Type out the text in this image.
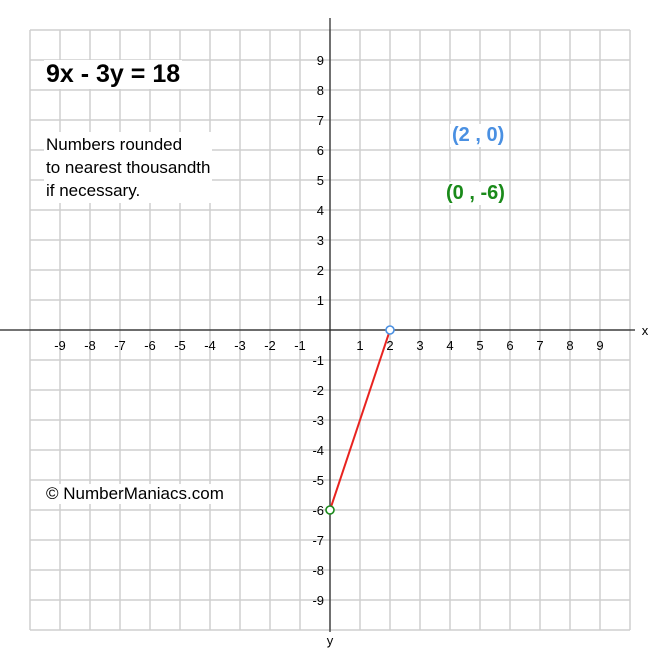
x
y
-9 -8 -7 -6 -5 -4 -3 -2 -1	1 2 3 4 5 6 7 8 9
9
8
7
6
5
4
3
2
1
-1
-2
-3
-4
-5
-6
-7
-8
-9
9x - 3y = 18
Numbers rounded
to nearest thousandth
if necessary.
(2 , 0)
(0 , -6)
© NumberManiacs.com
